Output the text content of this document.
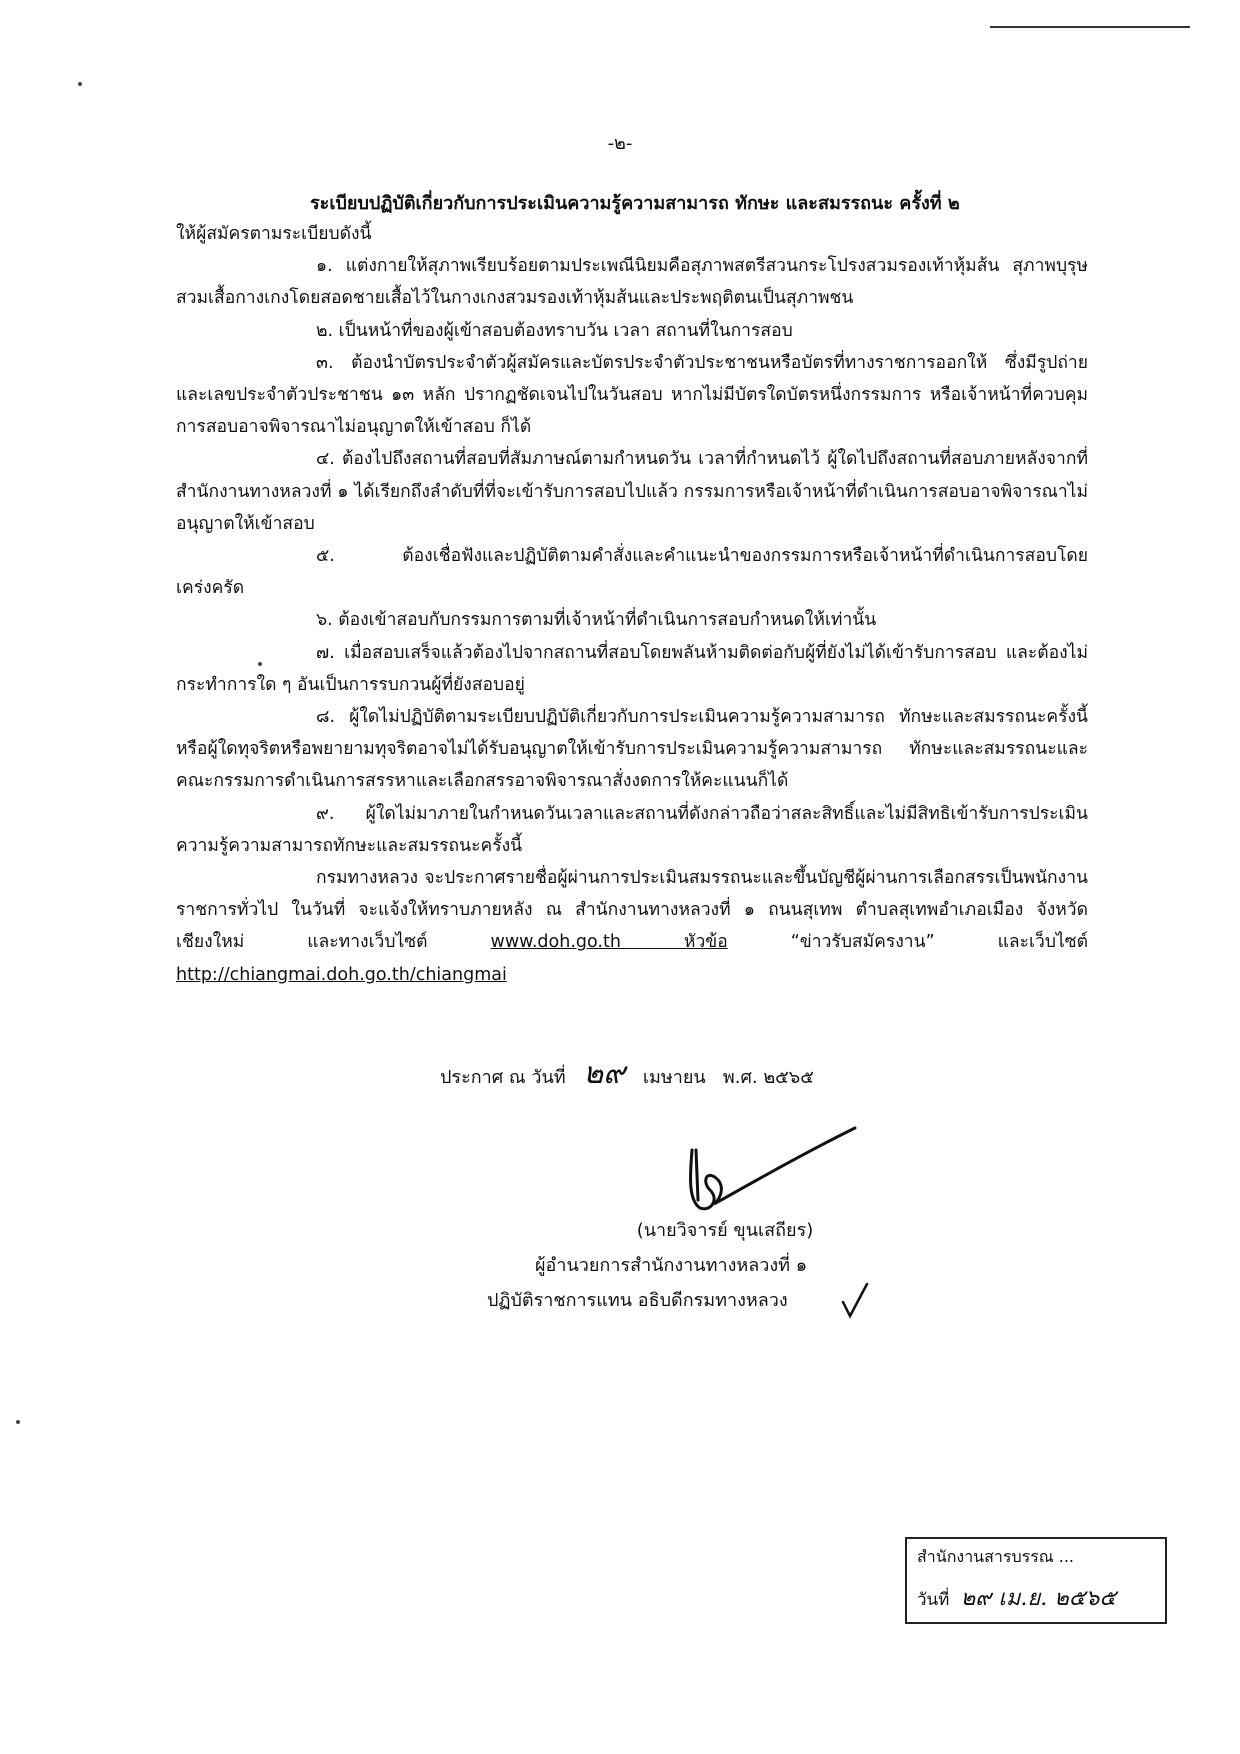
-๒-
ระเบียบปฏิบัติเกี่ยวกับการประเมินความรู้ความสามารถ ทักษะ และสมรรถนะ ครั้งที่ ๒

ให้ผู้สมัครตามระเบียบดังนี้

๑. แต่งกายให้สุภาพเรียบร้อยตามประเพณีนิยมคือสุภาพสตรีสวนกระโปรงสวมรองเท้าหุ้มส้น สุภาพบุรุษสวมเสื้อกางเกงโดยสอดชายเสื้อไว้ในกางเกงสวมรองเท้าหุ้มส้นและประพฤติตนเป็นสุภาพชน

๒. เป็นหน้าที่ของผู้เข้าสอบต้องทราบวัน เวลา สถานที่ในการสอบ

๓. ต้องนำบัตรประจำตัวผู้สมัครและบัตรประจำตัวประชาชนหรือบัตรที่ทางราชการออกให้ ซึ่งมีรูปถ่ายและเลขประจำตัวประชาชน ๑๓ หลัก ปรากฏชัดเจนไปในวันสอบ หากไม่มีบัตรใดบัตรหนึ่งกรรมการ หรือเจ้าหน้าที่ควบคุมการสอบอาจพิจารณาไม่อนุญาตให้เข้าสอบ ก็ได้

๔. ต้องไปถึงสถานที่สอบที่สัมภาษณ์ตามกำหนดวัน เวลาที่กำหนดไว้ ผู้ใดไปถึงสถานที่สอบภายหลังจากที่ สำนักงานทางหลวงที่ ๑ ได้เรียกถึงลำดับที่ที่จะเข้ารับการสอบไปแล้ว กรรมการหรือเจ้าหน้าที่ดำเนินการสอบอาจพิจารณาไม่อนุญาตให้เข้าสอบ

๕. ต้องเชื่อฟังและปฏิบัติตามคำสั่งและคำแนะนำของกรรมการหรือเจ้าหน้าที่ดำเนินการสอบโดยเคร่งครัด

๖. ต้องเข้าสอบกับกรรมการตามที่เจ้าหน้าที่ดำเนินการสอบกำหนดให้เท่านั้น

๗. เมื่อสอบเสร็จแล้วต้องไปจากสถานที่สอบโดยพลันห้ามติดต่อกับผู้ที่ยังไม่ได้เข้ารับการสอบ และต้องไม่กระทำการใด ๆ อันเป็นการรบกวนผู้ที่ยังสอบอยู่

๘. ผู้ใดไม่ปฏิบัติตามระเบียบปฏิบัติเกี่ยวกับการประเมินความรู้ความสามารถ ทักษะและสมรรถนะครั้งนี้ หรือผู้ใดทุจริตหรือพยายามทุจริตอาจไม่ได้รับอนุญาตให้เข้ารับการประเมินความรู้ความสามารถ ทักษะและสมรรถนะและคณะกรรมการดำเนินการสรรหาและเลือกสรรอาจพิจารณาสั่งงดการให้คะแนนก็ได้

๙. ผู้ใดไม่มาภายในกำหนดวันเวลาและสถานที่ดังกล่าวถือว่าสละสิทธิ์และไม่มีสิทธิเข้ารับการประเมินความรู้ความสามารถทักษะและสมรรถนะครั้งนี้

กรมทางหลวง จะประกาศรายชื่อผู้ผ่านการประเมินสมรรถนะและขึ้นบัญชีผู้ผ่านการเลือกสรรเป็นพนักงานราชการทั่วไป ในวันที่ จะแจ้งให้ทราบภายหลัง ณ สำนักงานทางหลวงที่ ๑ ถนนสุเทพ ตำบลสุเทพอำเภอเมือง จังหวัดเชียงใหม่ และทางเว็บไซต์ www.doh.go.th หัวข้อ “ข่าวรับสมัครงาน” และเว็บไซต์ http://chiangmai.doh.go.th/chiangmai

ประกาศ ณ วันที่ ๒๙ เมษายน พ.ศ. ๒๕๖๕
(นายวิจารย์ ขุนเสถียร)
ผู้อำนวยการสำนักงานทางหลวงที่ ๑
ปฏิบัติราชการแทน อธิบดีกรมทางหลวง
สำนักงานสารบรรณ ...
วันที่ ๒๙ เม.ย. ๒๕๖๕
